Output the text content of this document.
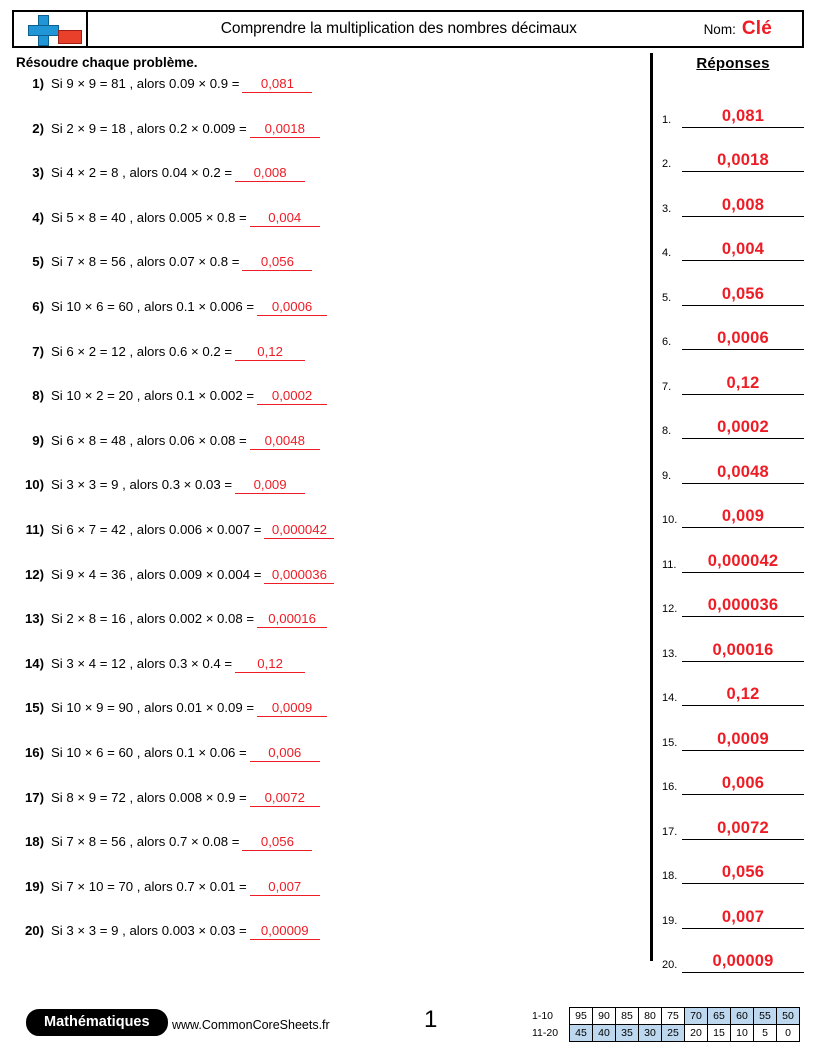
Comprendre la multiplication des nombres décimaux	Nom: Clé
Résoudre chaque problème.
1) Si 9 × 9 = 81 , alors 0.09 × 0.9 =	0,081
2) Si 2 × 9 = 18 , alors 0.2 × 0.009 =	0,0018
3) Si 4 × 2 = 8 , alors 0.04 × 0.2 =	0,008
4) Si 5 × 8 = 40 , alors 0.005 × 0.8 =	0,004
5) Si 7 × 8 = 56 , alors 0.07 × 0.8 =	0,056
6) Si 10 × 6 = 60 , alors 0.1 × 0.006 =	0,0006
7) Si 6 × 2 = 12 , alors 0.6 × 0.2 =	0,12
8) Si 10 × 2 = 20 , alors 0.1 × 0.002 =	0,0002
9) Si 6 × 8 = 48 , alors 0.06 × 0.08 =	0,0048
10) Si 3 × 3 = 9 , alors 0.3 × 0.03 =	0,009
11) Si 6 × 7 = 42 , alors 0.006 × 0.007 = 0,000042
12) Si 9 × 4 = 36 , alors 0.009 × 0.004 = 0,000036
13) Si 2 × 8 = 16 , alors 0.002 × 0.08 =	0,00016
14) Si 3 × 4 = 12 , alors 0.3 × 0.4 =	0,12
15) Si 10 × 9 = 90 , alors 0.01 × 0.09 =	0,0009
16) Si 10 × 6 = 60 , alors 0.1 × 0.06 =	0,006
17) Si 8 × 9 = 72 , alors 0.008 × 0.9 =	0,0072
18) Si 7 × 8 = 56 , alors 0.7 × 0.08 =	0,056
19) Si 7 × 10 = 70 , alors 0.7 × 0.01 =	0,007
20) Si 3 × 3 = 9 , alors 0.003 × 0.03 =	0,00009
Réponses
1.	0,081
2.	0,0018
3.	0,008
4.	0,004
5.	0,056
6.	0,0006
7.	0,12
8.	0,0002
9.	0,0048
10.	0,009
11.	0,000042
12.	0,000036
13.	0,00016
14.	0,12
15.	0,0009
16.	0,006
17.	0,0072
18.	0,056
19.	0,007
20.	0,00009
Mathématiques	www.CommonCoreSheets.fr	1	1-10	95	90	85	80	75	70	65	60	55	50
11-20	45	40	35	30	25	20	15	10	5	0
